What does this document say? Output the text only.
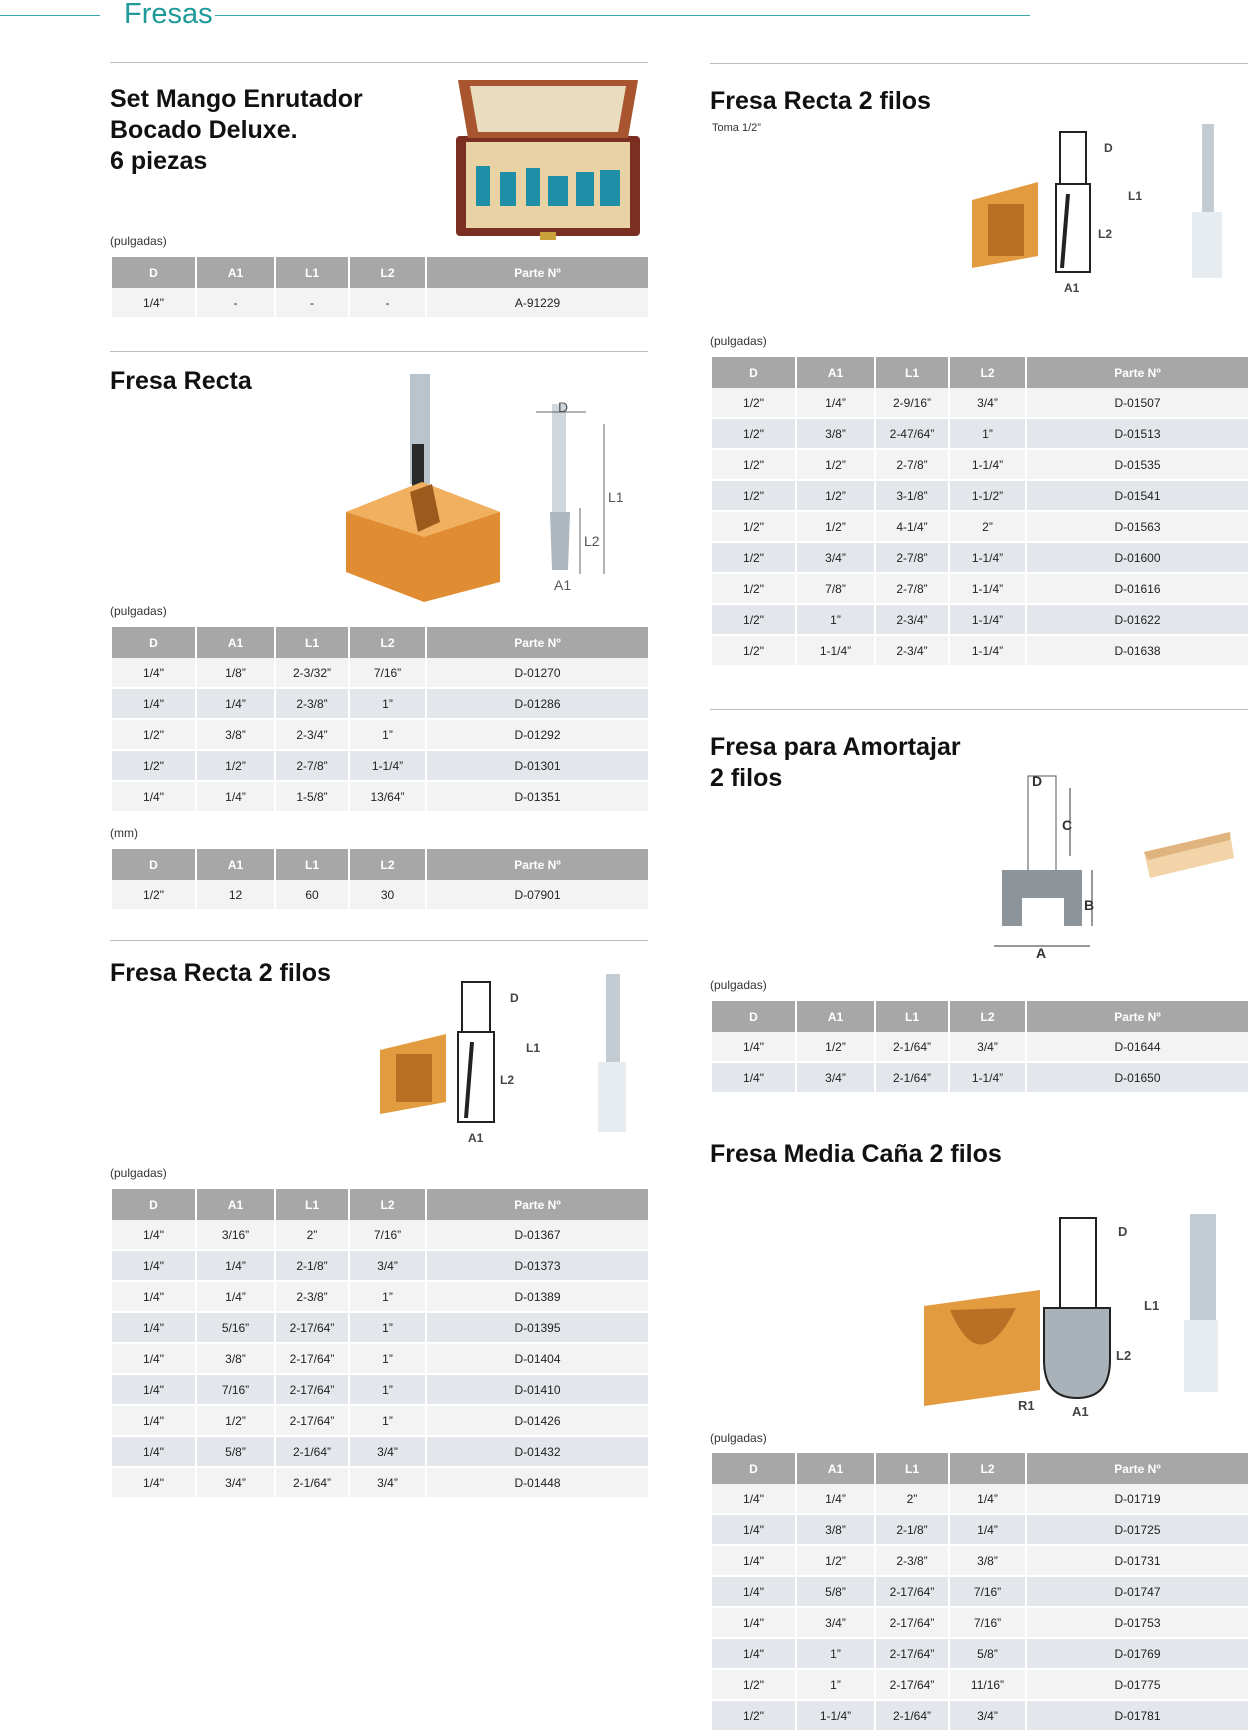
Fresas
Set Mango Enrutador
Bocado Deluxe.
6 piezas
(pulgadas)
D	A1	L1	L2	Parte Nº
1/4"	-	-	-	A-91229
Fresa Recta
D
L1
L2
A1
(pulgadas)
D	A1	L1	L2	Parte Nº
1/4"	1/8”	2-3/32”	7/16”	D-01270
1/4"	1/4”	2-3/8”	1”	D-01286
1/2"	3/8”	2-3/4”	1”	D-01292
1/2"	1/2”	2-7/8”	1-1/4”	D-01301
1/4"	1/4”	1-5/8”	13/64”	D-01351
(mm)
D	A1	L1	L2	Parte Nº
1/2"	12	60	30	D-07901
Fresa Recta 2 filos
D
L1
L2
A1
(pulgadas)
D	A1	L1	L2	Parte Nº
1/4"	3/16”	2”	7/16”	D-01367
1/4"	1/4”	2-1/8”	3/4”	D-01373
1/4"	1/4”	2-3/8”	1”	D-01389
1/4"	5/16”	2-17/64”	1”	D-01395
1/4"	3/8”	2-17/64”	1”	D-01404
1/4"	7/16”	2-17/64”	1”	D-01410
1/4"	1/2”	2-17/64”	1”	D-01426
1/4"	5/8”	2-1/64”	3/4”	D-01432
1/4"	3/4”	2-1/64”	3/4”	D-01448
Fresa Recta 2 filos
Toma 1/2”
D
L1
L2
A1
(pulgadas)
D	A1	L1	L2	Parte Nº
1/2"	1/4”	2-9/16”	3/4”	D-01507
1/2"	3/8”	2-47/64”	1”	D-01513
1/2"	1/2”	2-7/8”	1-1/4”	D-01535
1/2"	1/2”	3-1/8”	1-1/2”	D-01541
1/2"	1/2”	4-1/4”	2”	D-01563
1/2"	3/4”	2-7/8”	1-1/4”	D-01600
1/2"	7/8”	2-7/8”	1-1/4”	D-01616
1/2"	1”	2-3/4”	1-1/4”	D-01622
1/2"	1-1/4”	2-3/4”	1-1/4”	D-01638
Fresa para Amortajar
2 filos	D
C
B
A
(pulgadas)
D	A1	L1	L2	Parte Nº
1/4"	1/2”	2-1/64”	3/4”	D-01644
1/4"	3/4”	2-1/64”	1-1/4”	D-01650
Fresa Media Caña 2 filos
D
L1
L2
R1	A1
(pulgadas)
D	A1	L1	L2	Parte Nº
1/4"	1/4”	2”	1/4”	D-01719
1/4"	3/8”	2-1/8”	1/4”	D-01725
1/4"	1/2”	2-3/8”	3/8”	D-01731
1/4"	5/8”	2-17/64”	7/16”	D-01747
1/4"	3/4”	2-17/64”	7/16”	D-01753
1/4"	1”	2-17/64”	5/8”	D-01769
1/2"	1”	2-17/64”	11/16”	D-01775
1/2"	1-1/4”	2-1/64”	3/4”	D-01781
